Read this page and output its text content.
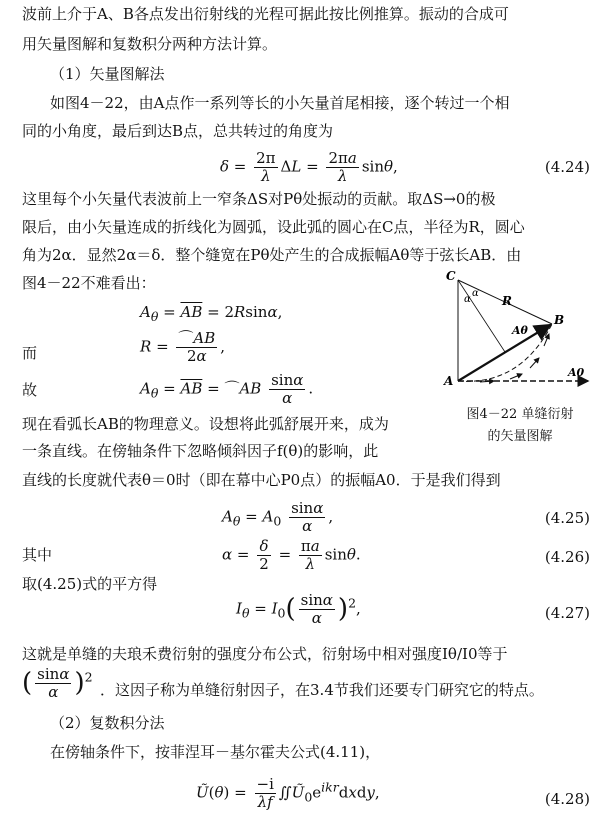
波前上介于A、B各点发出衍射线的光程可据此按比例推算。振动的合成可
用矢量图解和复数积分两种方法计算。
（1）矢量图解法
如图4－22，由A点作一系列等长的小矢量首尾相接，逐个转过一个相
同的小角度，最后到达B点，总共转过的角度为
$\delta = \frac{2\pi}{\lambda}$ $\Delta L = \frac{2\pi a}{\lambda} \sin\theta$,	(4.24)
这里每个小矢量代表波前上一窄条ΔS对Pθ处振动的贡献。取ΔS→0的极
限后，由小矢量连成的折线化为圆弧，设此弧的圆心在C点，半径为R，圆心
角为2α．显然2α＝δ．整个缝宽在Pθ处产生的合成振幅Aθ等于弦长AB．由
图4－22不难看出：
$A_\theta = \overline{AB} = 2Rsin\alpha$,
而	$R = \frac{⌒AB}{2\alpha}$ ,
故	$A_\theta = \overline{AB}$ = ⌒AB $\frac{\sin\alpha}{\alpha}$ .
C
α
α
R
Aθ
B
A
A0
图4－22 单缝衍射
的矢量图解
现在看弧长AB的物理意义。设想将此弧舒展开来，成为
一条直线。在傍轴条件下忽略倾斜因子f(θ)的影响，此
直线的长度就代表θ＝0时（即在幕中心P0点）的振幅A0．于是我们得到
$A_\theta = A_0 \frac{\sin\alpha}{\alpha}$ ,	(4.25)
其中	$\alpha = \frac{\delta}{2} = \frac{\pi a}{\lambda} \sin\theta$.	(4.26)
取(4.25)式的平方得
$I_\theta = I_0( \frac{\sin\alpha}{\alpha} )^2$,	(4.27)
这就是单缝的夫琅禾费衍射的强度分布公式，衍射场中相对强度Iθ/I0等于
( $\frac{\sin\alpha}{\alpha} )^2$
．这因子称为单缝衍射因子，在3.4节我们还要专门研究它的特点。
（2）复数积分法
在傍轴条件下，按菲涅耳－基尔霍夫公式(4.11)，
Ũ(θ) = $\frac{-i}{\lambda f}$ $∬Ũ_0e^{ikr}dxdy$,	(4.28)
